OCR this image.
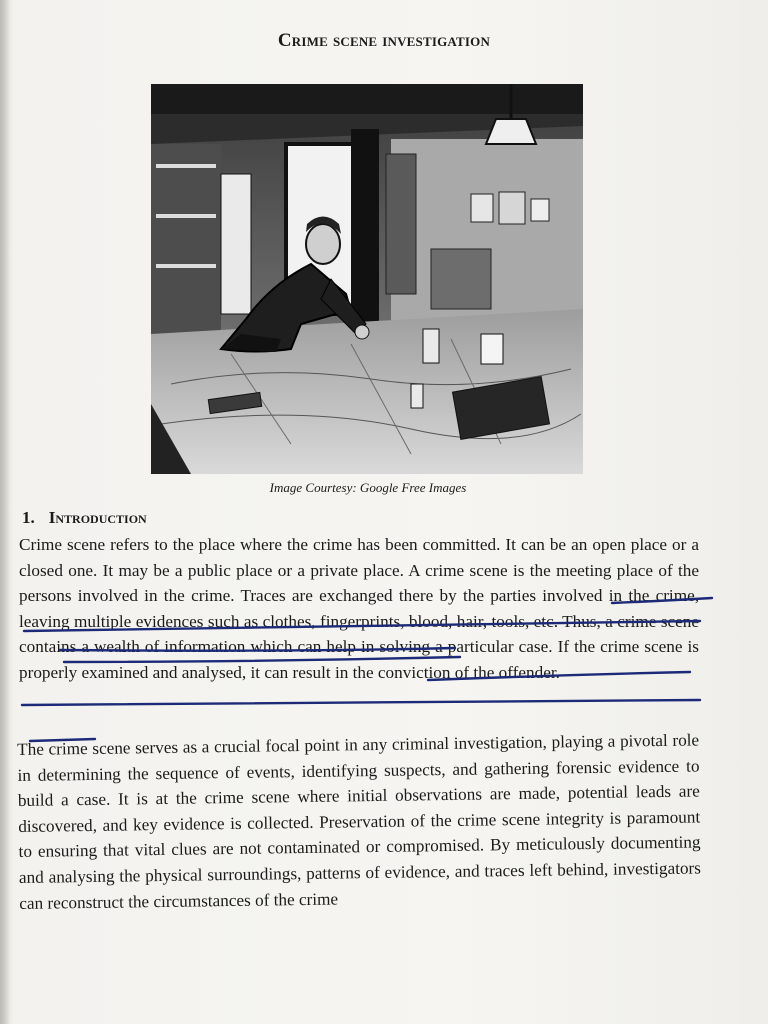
Crime scene investigation
Image Courtesy: Google Free Images
1. Introduction

Crime scene refers to the place where the crime has been committed. It can be an open place or a closed one. It may be a public place or a private place. A crime scene is the meeting place of the persons involved in the crime. Traces are exchanged there by the parties involved in the crime, leaving multiple evidences such as clothes, fingerprints, blood, hair, tools, etc. Thus, a crime scene contains a wealth of information which can help in solving a particular case. If the crime scene is properly examined and analysed, it can result in the conviction of the offender.

The crime scene serves as a crucial focal point in any criminal investigation, playing a pivotal role in determining the sequence of events, identifying suspects, and gathering forensic evidence to build a case. It is at the crime scene where initial observations are made, potential leads are discovered, and key evidence is collected. Preservation of the crime scene integrity is paramount to ensuring that vital clues are not contaminated or compromised. By meticulously documenting and analysing the physical surroundings, patterns of evidence, and traces left behind, investigators can reconstruct the circumstances of the crime
